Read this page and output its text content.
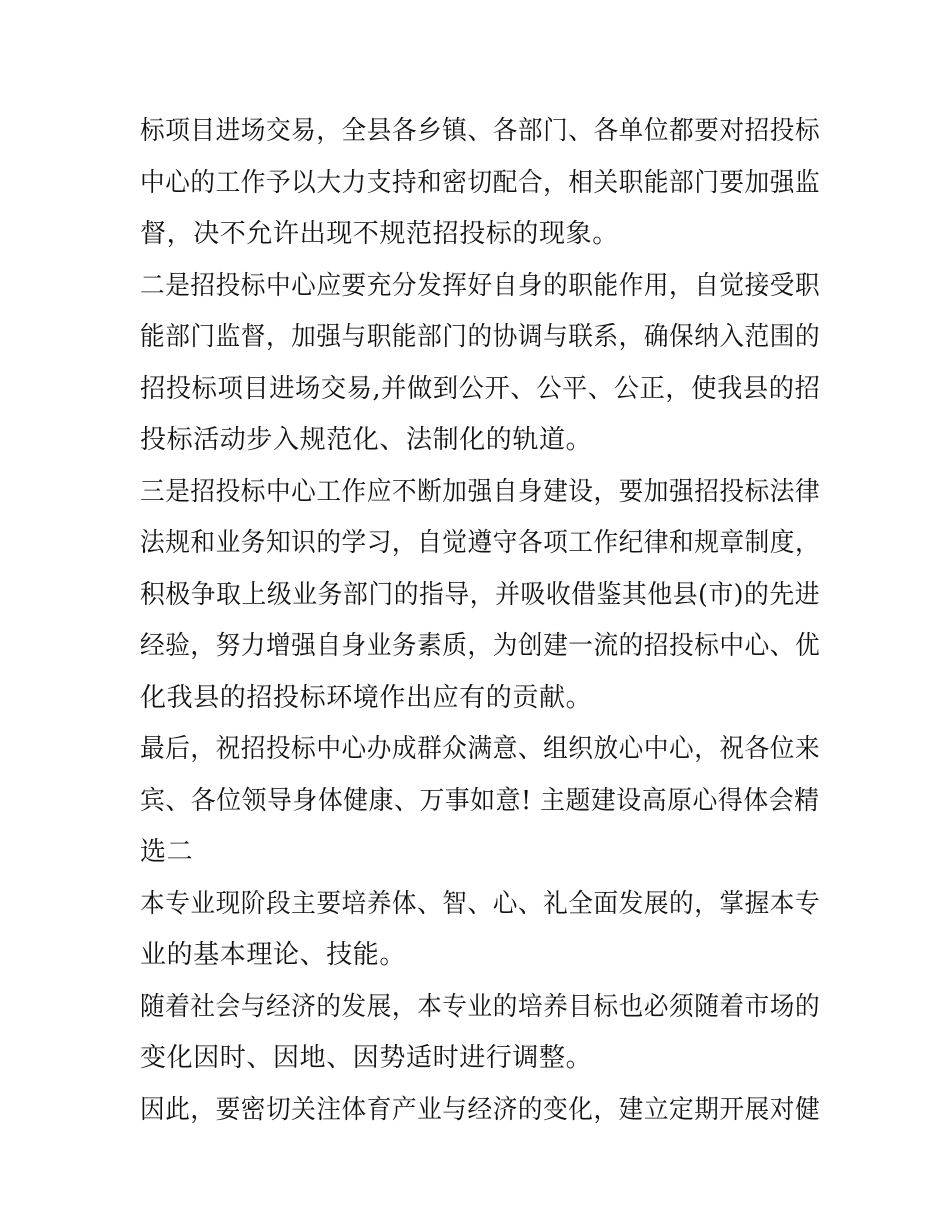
标项目进场交易，全县各乡镇、各部门、各单位都要对招投标
中心的工作予以大力支持和密切配合，相关职能部门要加强监
督，决不允许出现不规范招投标的现象。
二是招投标中心应要充分发挥好自身的职能作用，自觉接受职
能部门监督，加强与职能部门的协调与联系，确保纳入范围的
招投标项目进场交易,并做到公开、公平、公正，使我县的招
投标活动步入规范化、法制化的轨道。
三是招投标中心工作应不断加强自身建设，要加强招投标法律
法规和业务知识的学习，自觉遵守各项工作纪律和规章制度，
积极争取上级业务部门的指导，并吸收借鉴其他县(市)的先进
经验，努力增强自身业务素质，为创建一流的招投标中心、优
化我县的招投标环境作出应有的贡献。
最后，祝招投标中心办成群众满意、组织放心中心，祝各位来
宾、各位领导身体健康、万事如意! 主题建设高原心得体会精
选二
本专业现阶段主要培养体、智、心、礼全面发展的，掌握本专
业的基本理论、技能。
随着社会与经济的发展，本专业的培养目标也必须随着市场的
变化因时、因地、因势适时进行调整。
因此，要密切关注体育产业与经济的变化，建立定期开展对健
